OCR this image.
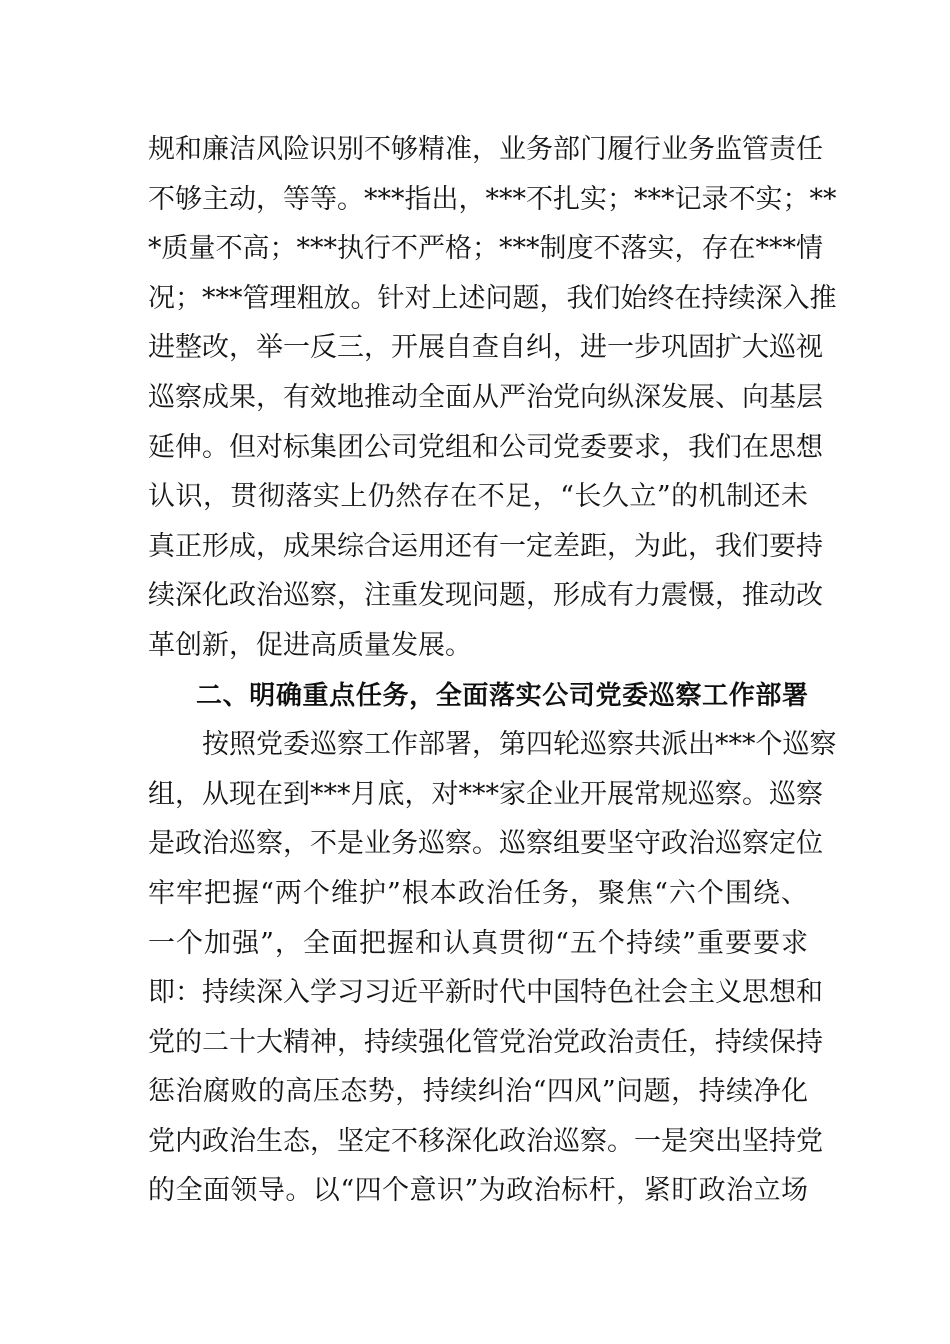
规和廉洁风险识别不够精准，业务部门履行业务监管责任
不够主动，等等。***指出，***不扎实；***记录不实；**
*质量不高；***执行不严格；***制度不落实，存在***情
况；***管理粗放。针对上述问题，我们始终在持续深入推
进整改，举一反三，开展自查自纠，进一步巩固扩大巡视
巡察成果，有效地推动全面从严治党向纵深发展、向基层
延伸。但对标集团公司党组和公司党委要求，我们在思想
认识，贯彻落实上仍然存在不足，“长久立”的机制还未
真正形成，成果综合运用还有一定差距，为此，我们要持
续深化政治巡察，注重发现问题，形成有力震慑，推动改
革创新，促进高质量发展。
二、明确重点任务，全面落实公司党委巡察工作部署
按照党委巡察工作部署，第四轮巡察共派出***个巡察
组，从现在到***月底，对***家企业开展常规巡察。巡察
是政治巡察，不是业务巡察。巡察组要坚守政治巡察定位
牢牢把握“两个维护”根本政治任务，聚焦“六个围绕、
一个加强”，全面把握和认真贯彻“五个持续”重要要求
即：持续深入学习习近平新时代中国特色社会主义思想和
党的二十大精神，持续强化管党治党政治责任，持续保持
惩治腐败的高压态势，持续纠治“四风”问题，持续净化
党内政治生态，坚定不移深化政治巡察。一是突出坚持党
的全面领导。以“四个意识”为政治标杆，紧盯政治立场
